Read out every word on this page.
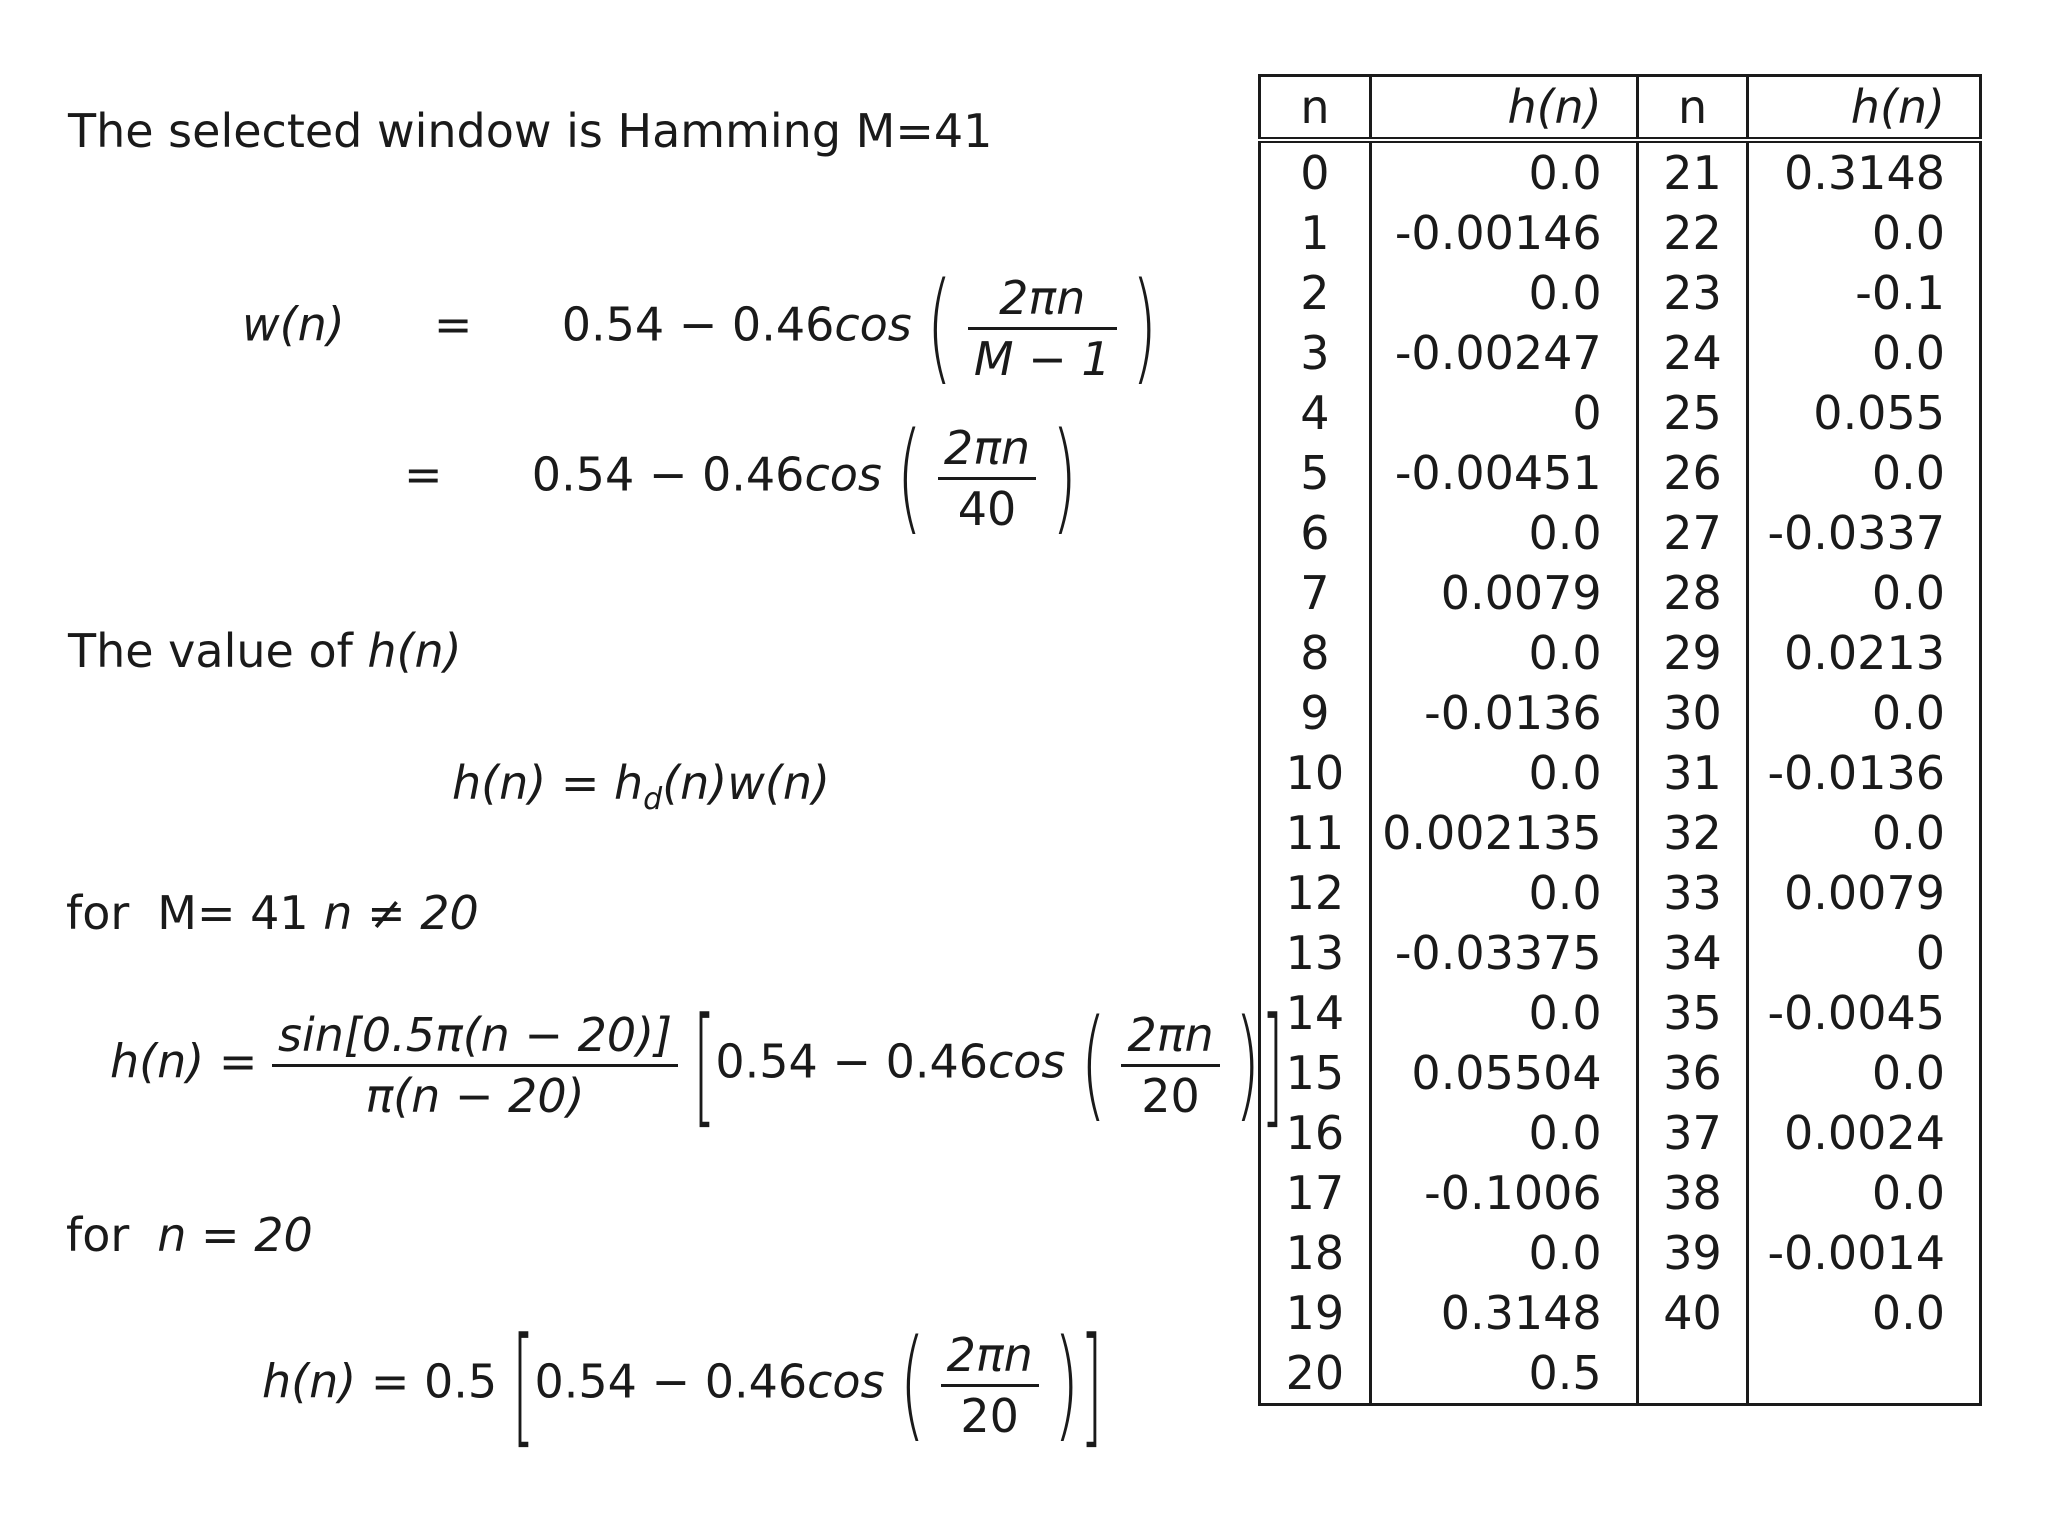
The selected window is Hamming M=41
w(n) = 0.54 − 0.46cos ( $\frac{2\pi n}{M - 1}$ )
= 0.54 − 0.46cos ( $\frac{2\pi n}{40}$ )
The value of h(n)
$h(n) = h_d(n)w(n)$
for M= 41 n ≠ 20
$h(n) = \frac{\sin[0.5\pi(n - 20)]}{\pi(n - 20)} [0.54 - 0.46\cos$ ( $\frac{2\pi n}{20}$ )]
for n = 20
h(n) = 0.5 [0.54 − 0.46cos ( $\frac{2\pi n}{20}$ )]
n	h(n)	n	h(n)
0	0.0	21	0.3148
1	-0.00146	22	0.0
2	0.0	23	-0.1
3	-0.00247	24	0.0
4	0	25	0.055
5	-0.00451	26	0.0
6	0.0	27	-0.0337
7	0.0079	28	0.0
8	0.0	29	0.0213
9	-0.0136	30	0.0
10	0.0	31	-0.0136
11	0.002135	32	0.0
12	0.0	33	0.0079
13	-0.03375	34	0
14	0.0	35	-0.0045
15	0.05504	36	0.0
16	0.0	37	0.0024
17	-0.1006	38	0.0
18	0.0	39	-0.0014
19	0.3148	40	0.0
20	0.5		
